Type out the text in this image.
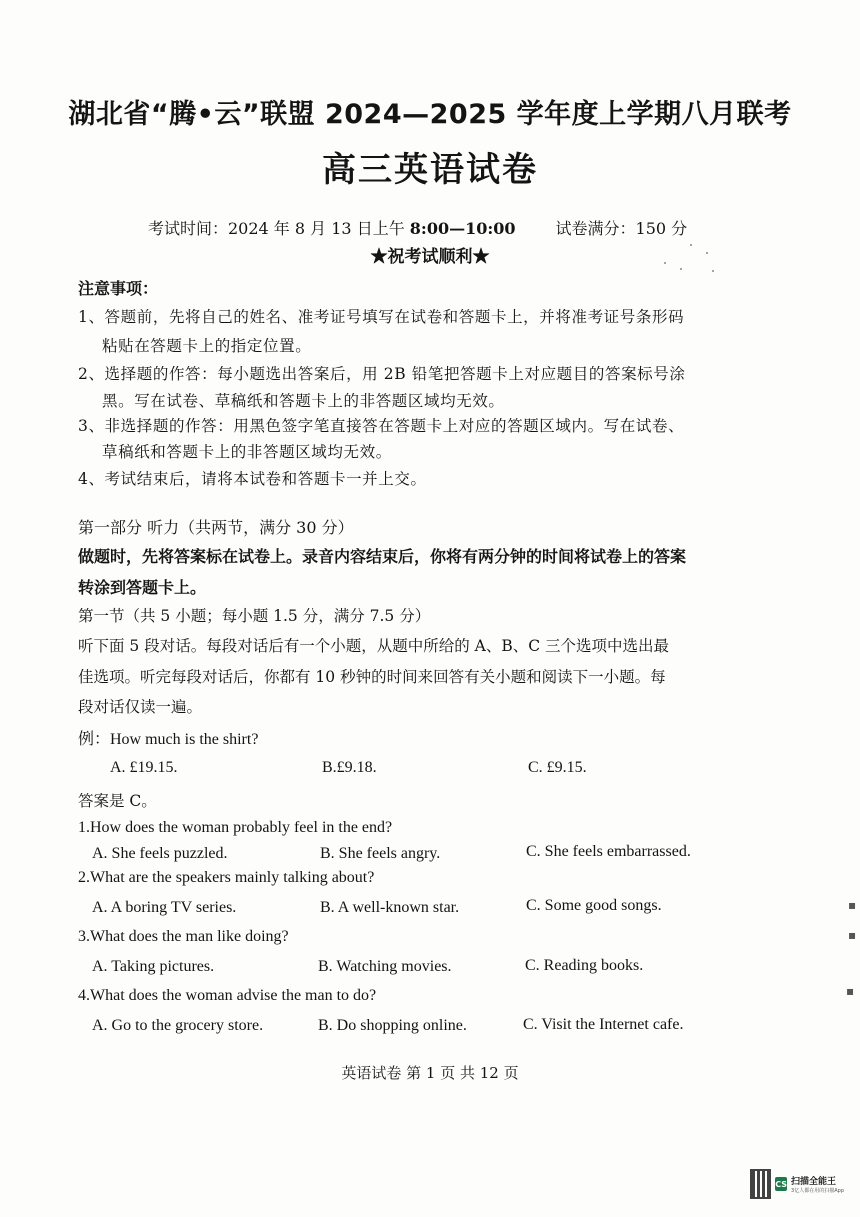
湖北省“腾•云”联盟 2024—2025 学年度上学期八月联考
高三英语试卷
考试时间：2024 年 8 月 13 日上午 8:00—10:00	试卷满分：150 分
★祝考试顺利★
注意事项：
1、答题前，先将自己的姓名、准考证号填写在试卷和答题卡上，并将准考证号条形码
粘贴在答题卡上的指定位置。
2、选择题的作答：每小题选出答案后，用 2B 铅笔把答题卡上对应题目的答案标号涂
黑。写在试卷、草稿纸和答题卡上的非答题区域均无效。
3、非选择题的作答：用黑色签字笔直接答在答题卡上对应的答题区域内。写在试卷、
草稿纸和答题卡上的非答题区域均无效。
4、考试结束后，请将本试卷和答题卡一并上交。
第一部分 听力（共两节，满分 30 分）
做题时，先将答案标在试卷上。录音内容结束后，你将有两分钟的时间将试卷上的答案
转涂到答题卡上。
第一节（共 5 小题；每小题 1.5 分，满分 7.5 分）
听下面 5 段对话。每段对话后有一个小题，从题中所给的 A、B、C 三个选项中选出最
佳选项。听完每段对话后，你都有 10 秒钟的时间来回答有关小题和阅读下一小题。每
段对话仅读一遍。
例：How much is the shirt?
A. £19.15.	B.£9.18.	C. £9.15.
答案是 C。
1.How does the woman probably feel in the end?
A. She feels puzzled.	B. She feels angry.	C. She feels embarrassed.
2.What are the speakers mainly talking about?
A. A boring TV series.	B. A well-known star.	C. Some good songs.
3.What does the man like doing?
A. Taking pictures.	B. Watching movies.	C. Reading books.
4.What does the woman advise the man to do?
A. Go to the grocery store.	B. Do shopping online.	C. Visit the Internet cafe.
英语试卷 第 1 页 共 12 页
▪
▪
▪
CS 扫描全能王
3亿人都在用的扫描App
